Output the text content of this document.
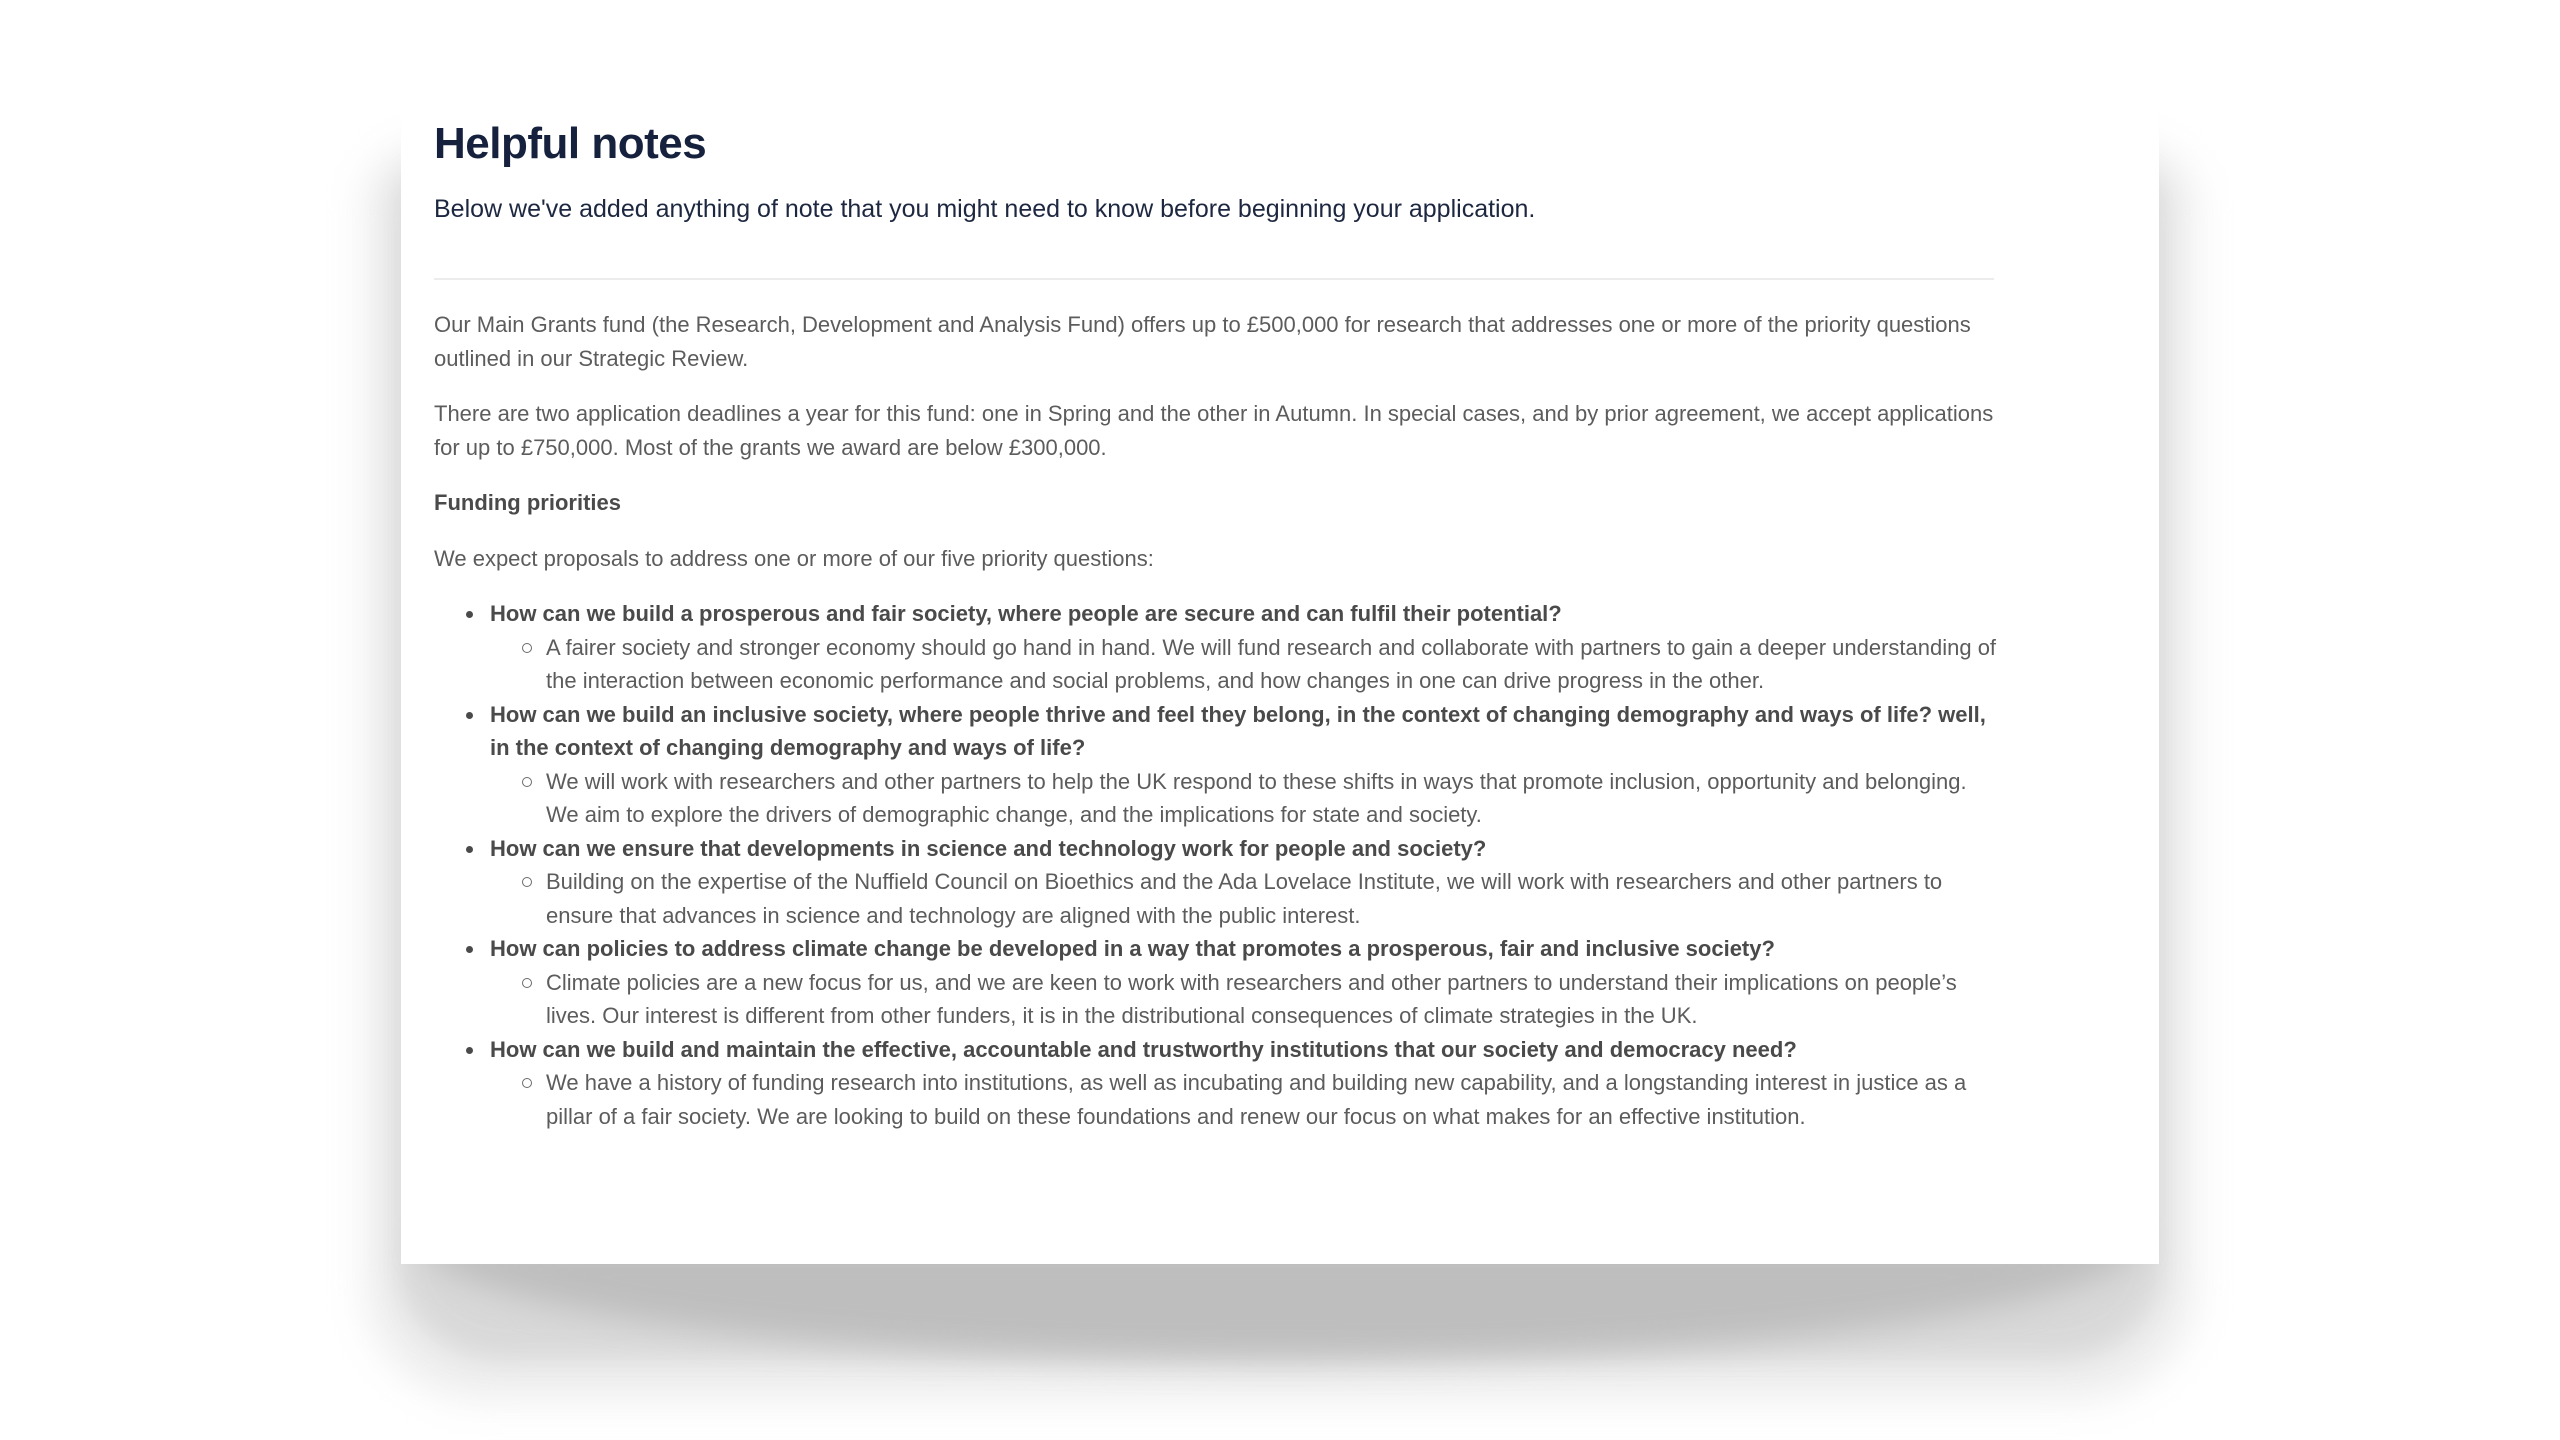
Helpful notes

Below we've added anything of note that you might need to know before beginning your application.

Our Main Grants fund (the Research, Development and Analysis Fund) offers up to £500,000 for research that addresses one or more of the priority questions outlined in our Strategic Review.

There are two application deadlines a year for this fund: one in Spring and the other in Autumn. In special cases, and by prior agreement, we accept applications for up to £750,000. Most of the grants we award are below £300,000.

Funding priorities

We expect proposals to address one or more of our five priority questions:

How can we build a prosperous and fair society, where people are secure and can fulfil their potential?
A fairer society and stronger economy should go hand in hand. We will fund research and collaborate with partners to gain a deeper understanding of the interaction between economic performance and social problems, and how changes in one can drive progress in the other.
How can we build an inclusive society, where people thrive and feel they belong, in the context of changing demography and ways of life? well, in the context of changing demography and ways of life?
We will work with researchers and other partners to help the UK respond to these shifts in ways that promote inclusion, opportunity and belonging. We aim to explore the drivers of demographic change, and the implications for state and society.
How can we ensure that developments in science and technology work for people and society?
Building on the expertise of the Nuffield Council on Bioethics and the Ada Lovelace Institute, we will work with researchers and other partners to ensure that advances in science and technology are aligned with the public interest.
How can policies to address climate change be developed in a way that promotes a prosperous, fair and inclusive society?
Climate policies are a new focus for us, and we are keen to work with researchers and other partners to understand their implications on people’s lives. Our interest is different from other funders, it is in the distributional consequences of climate strategies in the UK.
How can we build and maintain the effective, accountable and trustworthy institutions that our society and democracy need?
We have a history of funding research into institutions, as well as incubating and building new capability, and a longstanding interest in justice as a pillar of a fair society. We are looking to build on these foundations and renew our focus on what makes for an effective institution.
